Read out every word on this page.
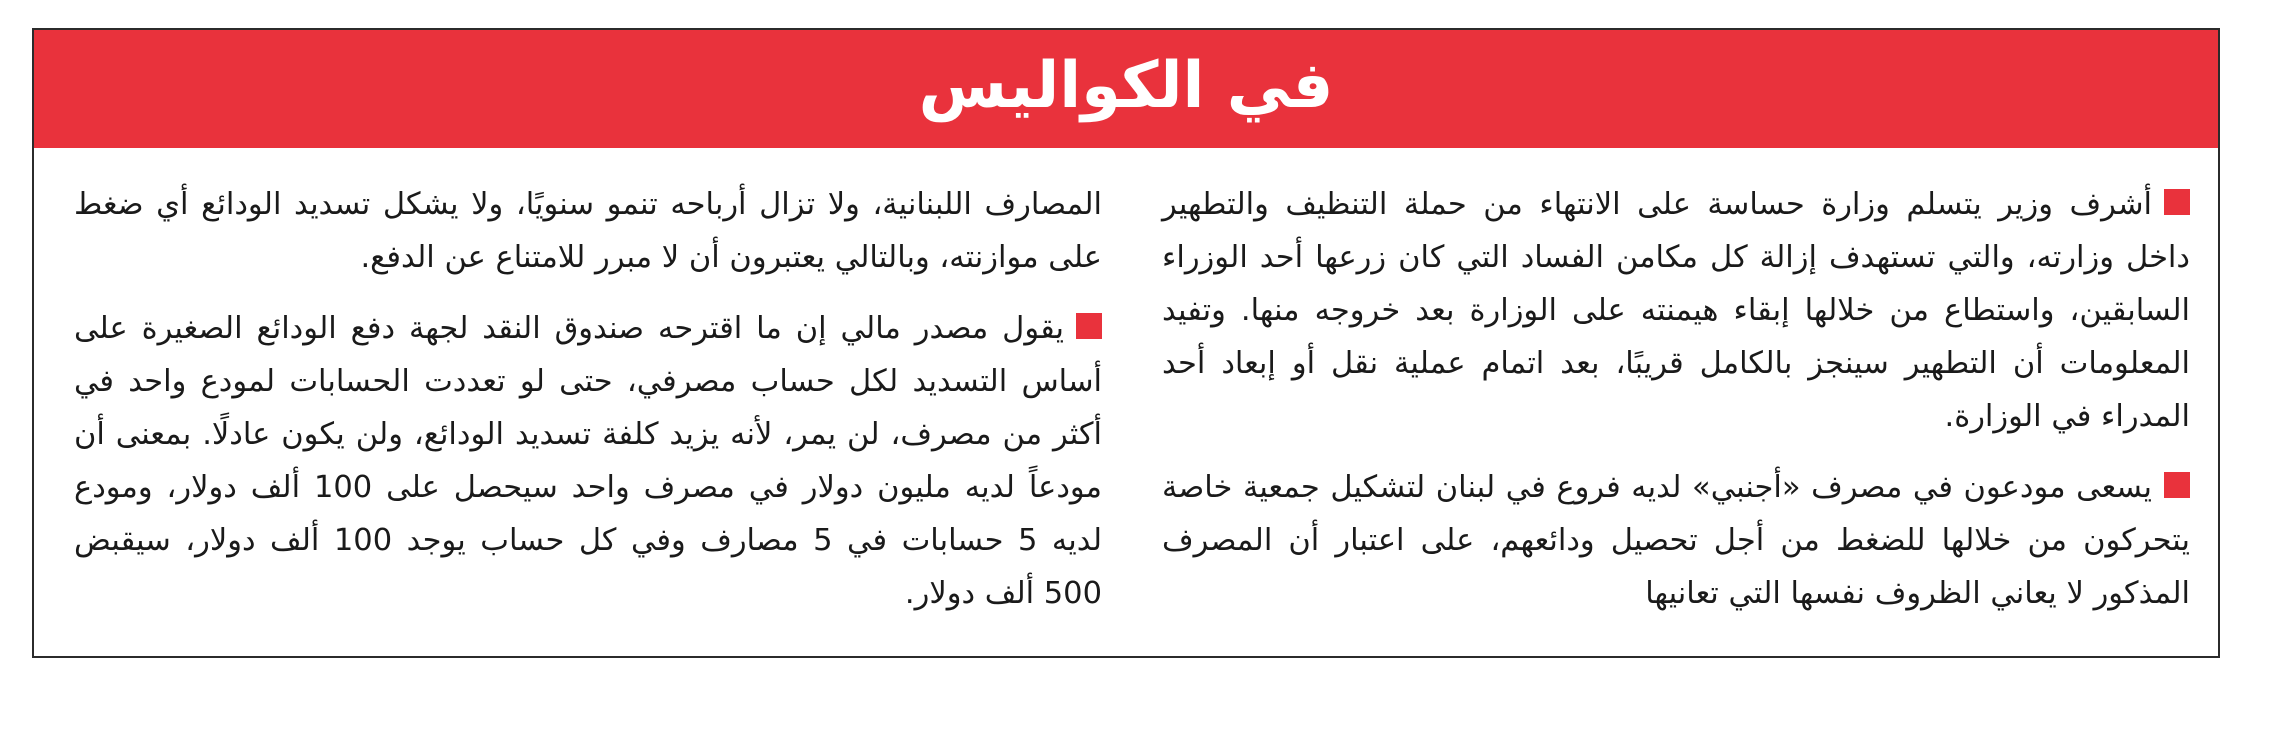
في الكواليس

أشرف وزير يتسلم وزارة حساسة على الانتهاء من حملة التنظيف والتطهير داخل وزارته، والتي تستهدف إزالة كل مكامن الفساد التي كان زرعها أحد الوزراء السابقين، واستطاع من خلالها إبقاء هيمنته على الوزارة بعد خروجه منها. وتفيد المعلومات أن التطهير سينجز بالكامل قريبًا، بعد اتمام عملية نقل أو إبعاد أحد المدراء في الوزارة.

يسعى مودعون في مصرف «أجنبي» لديه فروع في لبنان لتشكيل جمعية خاصة يتحركون من خلالها للضغط من أجل تحصيل ودائعهم، على اعتبار أن المصرف المذكور لا يعاني الظروف نفسها التي تعانيها

المصارف اللبنانية، ولا تزال أرباحه تنمو سنويًا، ولا يشكل تسديد الودائع أي ضغط على موازنته، وبالتالي يعتبرون أن لا مبرر للامتناع عن الدفع.

يقول مصدر مالي إن ما اقترحه صندوق النقد لجهة دفع الودائع الصغيرة على أساس التسديد لكل حساب مصرفي، حتى لو تعددت الحسابات لمودع واحد في أكثر من مصرف، لن يمر، لأنه يزيد كلفة تسديد الودائع، ولن يكون عادلًا. بمعنى أن مودعاً لديه مليون دولار في مصرف واحد سيحصل على 100 ألف دولار، ومودع لديه 5 حسابات في 5 مصارف وفي كل حساب يوجد 100 ألف دولار، سيقبض 500 ألف دولار.
